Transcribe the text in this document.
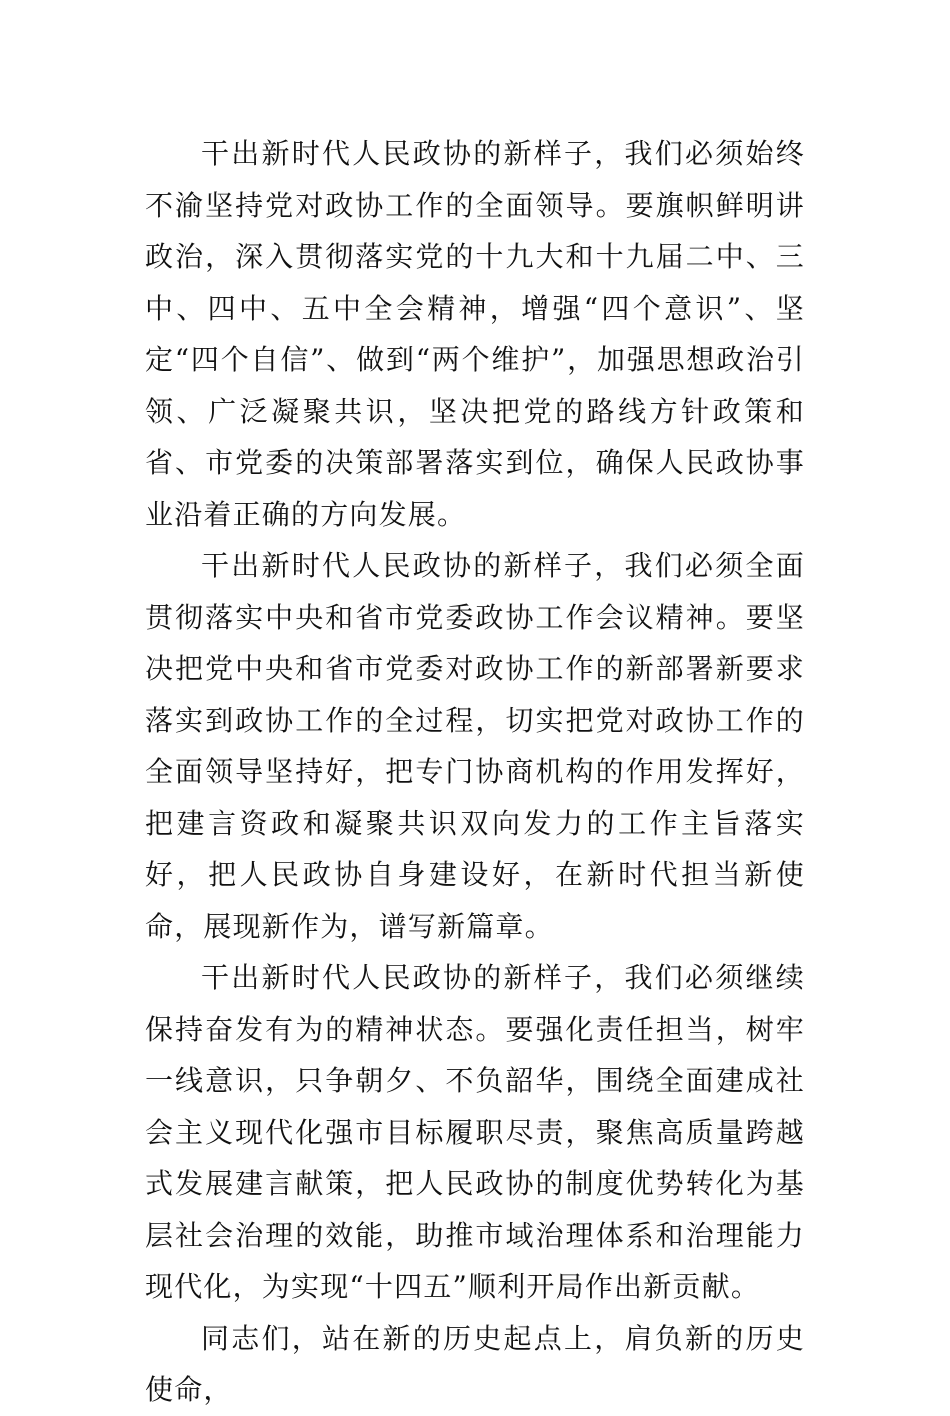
干出新时代人民政协的新样子，我们必须始终不渝坚持党对政协工作的全面领导。要旗帜鲜明讲政治，深入贯彻落实党的十九大和十九届二中、三中、四中、五中全会精神，增强“四个意识”、坚定“四个自信”、做到“两个维护”，加强思想政治引领、广泛凝聚共识，坚决把党的路线方针政策和省、市党委的决策部署落实到位，确保人民政协事业沿着正确的方向发展。

干出新时代人民政协的新样子，我们必须全面贯彻落实中央和省市党委政协工作会议精神。要坚决把党中央和省市党委对政协工作的新部署新要求落实到政协工作的全过程，切实把党对政协工作的全面领导坚持好，把专门协商机构的作用发挥好，把建言资政和凝聚共识双向发力的工作主旨落实好，把人民政协自身建设好，在新时代担当新使命，展现新作为，谱写新篇章。

干出新时代人民政协的新样子，我们必须继续保持奋发有为的精神状态。要强化责任担当，树牢一线意识，只争朝夕、不负韶华，围绕全面建成社会主义现代化强市目标履职尽责，聚焦高质量跨越式发展建言献策，把人民政协的制度优势转化为基层社会治理的效能，助推市域治理体系和治理能力现代化，为实现“十四五”顺利开局作出新贡献。

同志们，站在新的历史起点上，肩负新的历史使命，
